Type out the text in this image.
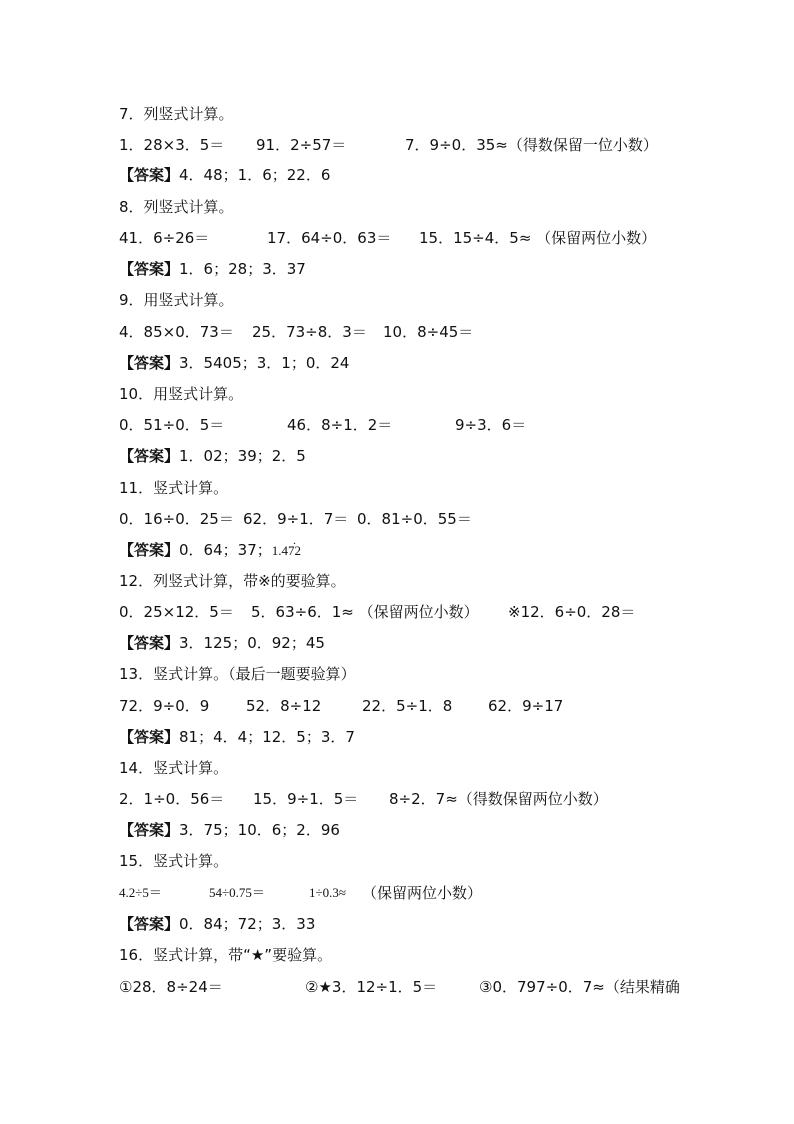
7．列竖式计算。
1．28×3．5＝ 91．2÷57＝	7．9÷0．35≈（得数保留一位小数）
【答案】4．48；1．6；22．6
8．列竖式计算。
41．6÷26＝	17．64÷0．63＝ 15．15÷4．5≈ （保留两位小数）
【答案】1．6；28；3．37
9．用竖式计算。
4．85×0．73＝ 25．73÷8．3＝ 10．8÷45＝
【答案】3．5405；3．1；0．24
10．用竖式计算。
0．51÷0．5＝	46．8÷1．2＝	9÷3．6＝
【答案】1．02；39；2．5
11．竖式计算。
0．16÷0．25＝ 62．9÷1．7＝ 0．81÷0．55＝
【答案】0．64；37；1.472 ·
12．列竖式计算，带※的要验算。
0．25×12．5＝ 5．63÷6．1≈ （保留两位小数） ※12．6÷0．28＝
【答案】3．125；0．92；45
13．竖式计算。（最后一题要验算）
72．9÷0．9 52．8÷12	22．5÷1．8 62．9÷17
【答案】81；4．4；12．5；3．7
14．竖式计算。
2．1÷0．56＝ 15．9÷1．5＝ 8÷2．7≈（得数保留两位小数）
【答案】3．75；10．6；2．96
15．竖式计算。
4.2÷5＝	54÷0.75＝	1÷0.3≈ （保留两位小数）
【答案】0．84；72；3．33
16．竖式计算，带“★”要验算。
①28．8÷24＝	②★3．12÷1．5＝	③0．797÷0．7≈（结果精确
